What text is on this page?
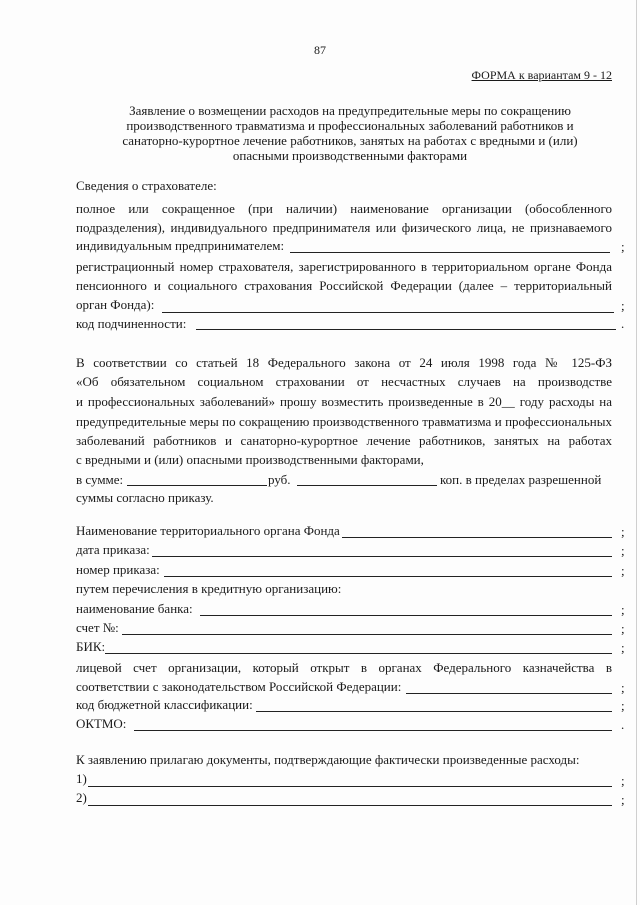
87
ФОРМА к вариантам 9 - 12
Заявление о возмещении расходов на предупредительные меры по сокращению производственного травматизма и профессиональных заболеваний работников и санаторно-курортное лечение работников, занятых на работах с вредными и (или) опасными производственными факторами
Сведения о страхователе:
полное или сокращенное (при наличии) наименование организации (обособленного
подразделения), индивидуального предпринимателя или физического лица, не признаваемого
индивидуальным предпринимателем:	;
регистрационный номер страхователя, зарегистрированного в территориальном органе Фонда
пенсионного и социального страхования Российской Федерации (далее – территориальный
орган Фонда):	;
код подчиненности:	.
В соответствии со статьей 18 Федерального закона от 24 июля 1998 года № 125-ФЗ
«Об обязательном социальном страховании от несчастных случаев на производстве
и профессиональных заболеваний» прошу возместить произведенные в 20__ году расходы на
предупредительные меры по сокращению производственного травматизма и профессиональных
заболеваний работников и санаторно-курортное лечение работников, занятых на работах
с вредными и (или) опасными производственными факторами,
в сумме:	руб.	коп. в пределах разрешенной
суммы согласно приказу.
Наименование территориального органа Фонда	;
дата приказа:	;
номер приказа:	;
путем перечисления в кредитную организацию:
наименование банка:	;
счет №:	;
БИК:	;
лицевой счет организации, который открыт в органах Федерального казначейства в
соответствии с законодательством Российской Федерации:	;
код бюджетной классификации:	;
ОКТМО:	.
К заявлению прилагаю документы, подтверждающие фактически произведенные расходы:
1)	;
2)	;
